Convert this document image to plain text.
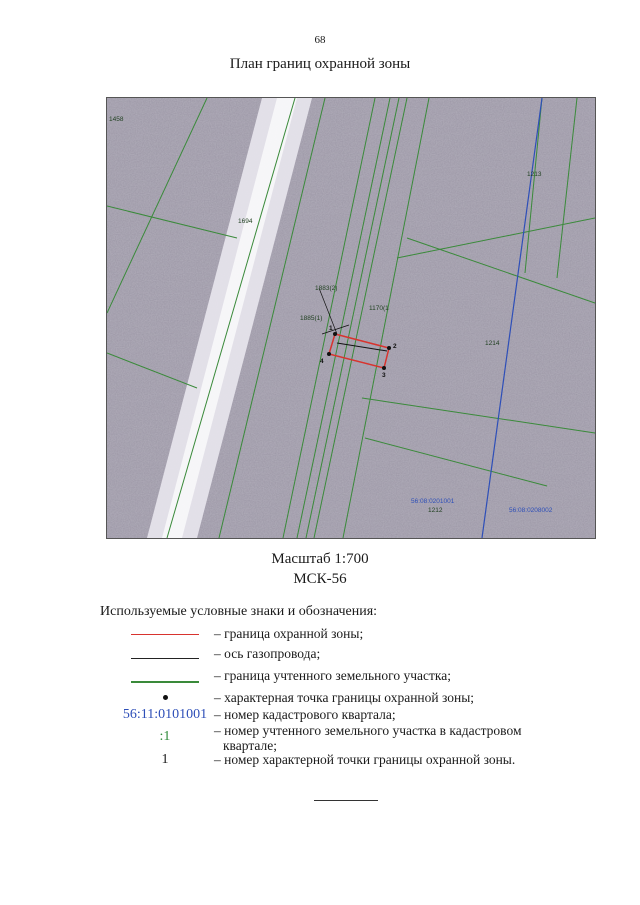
68
План границ охранной зоны
1458
1694
1213
1883(2)
1885(1)
1170(1
1214
1212
56:08:0201001
56:08:0208002
1
2
3
4
Масштаб 1:700
МСК-56
Используемые условные знаки и обозначения:
– граница охранной зоны;
– ось газопровода;
– граница учтенного земельного участка;
– характерная точка границы охранной зоны;
56:11:0101001 – номер кадастрового квартала;
:1	– номер учтенного земельного участка в кадастровом квартале;
1	– номер характерной точки границы охранной зоны.
